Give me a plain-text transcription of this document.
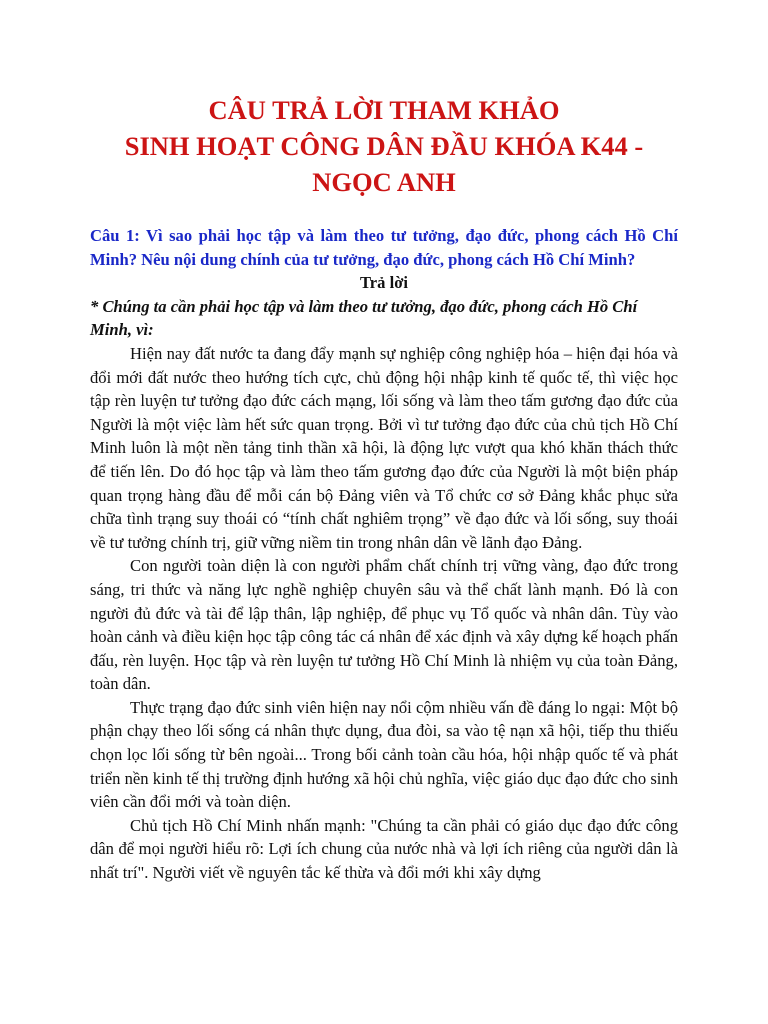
CÂU TRẢ LỜI THAM KHẢO
SINH HOẠT CÔNG DÂN ĐẦU KHÓA K44 -
NGỌC ANH

Câu 1: Vì sao phải học tập và làm theo tư tưởng, đạo đức, phong cách Hồ Chí Minh? Nêu nội dung chính của tư tưởng, đạo đức, phong cách Hồ Chí Minh?

Trả lời

* Chúng ta cần phải học tập và làm theo tư tưởng, đạo đức, phong cách Hồ Chí Minh, vì:

Hiện nay đất nước ta đang đẩy mạnh sự nghiệp công nghiệp hóa – hiện đại hóa và đổi mới đất nước theo hướng tích cực, chủ động hội nhập kinh tế quốc tế, thì việc học tập rèn luyện tư tưởng đạo đức cách mạng, lối sống và làm theo tấm gương đạo đức của Người là một việc làm hết sức quan trọng. Bởi vì tư tưởng đạo đức của chủ tịch Hồ Chí Minh luôn là một nền tảng tinh thần xã hội, là động lực vượt qua khó khăn thách thức để tiến lên. Do đó học tập và làm theo tấm gương đạo đức của Người là một biện pháp quan trọng hàng đầu để mỗi cán bộ Đảng viên và Tổ chức cơ sở Đảng khắc phục sửa chữa tình trạng suy thoái có “tính chất nghiêm trọng” về đạo đức và lối sống, suy thoái về tư tưởng chính trị, giữ vững niềm tin trong nhân dân về lãnh đạo Đảng.

Con người toàn diện là con người phẩm chất chính trị vững vàng, đạo đức trong sáng, tri thức và năng lực nghề nghiệp chuyên sâu và thể chất lành mạnh. Đó là con người đủ đức và tài để lập thân, lập nghiệp, để phục vụ Tổ quốc và nhân dân. Tùy vào hoàn cảnh và điều kiện học tập công tác cá nhân để xác định và xây dựng kế hoạch phấn đấu, rèn luyện. Học tập và rèn luyện tư tưởng Hồ Chí Minh là nhiệm vụ của toàn Đảng, toàn dân.

Thực trạng đạo đức sinh viên hiện nay nổi cộm nhiều vấn đề đáng lo ngại: Một bộ phận chạy theo lối sống cá nhân thực dụng, đua đòi, sa vào tệ nạn xã hội, tiếp thu thiếu chọn lọc lối sống từ bên ngoài... Trong bối cảnh toàn cầu hóa, hội nhập quốc tế và phát triển nền kinh tế thị trường định hướng xã hội chủ nghĩa, việc giáo dục đạo đức cho sinh viên cần đổi mới và toàn diện.

Chủ tịch Hồ Chí Minh nhấn mạnh: "Chúng ta cần phải có giáo dục đạo đức công dân để mọi người hiểu rõ: Lợi ích chung của nước nhà và lợi ích riêng của người dân là nhất trí". Người viết về nguyên tắc kế thừa và đổi mới khi xây dựng
